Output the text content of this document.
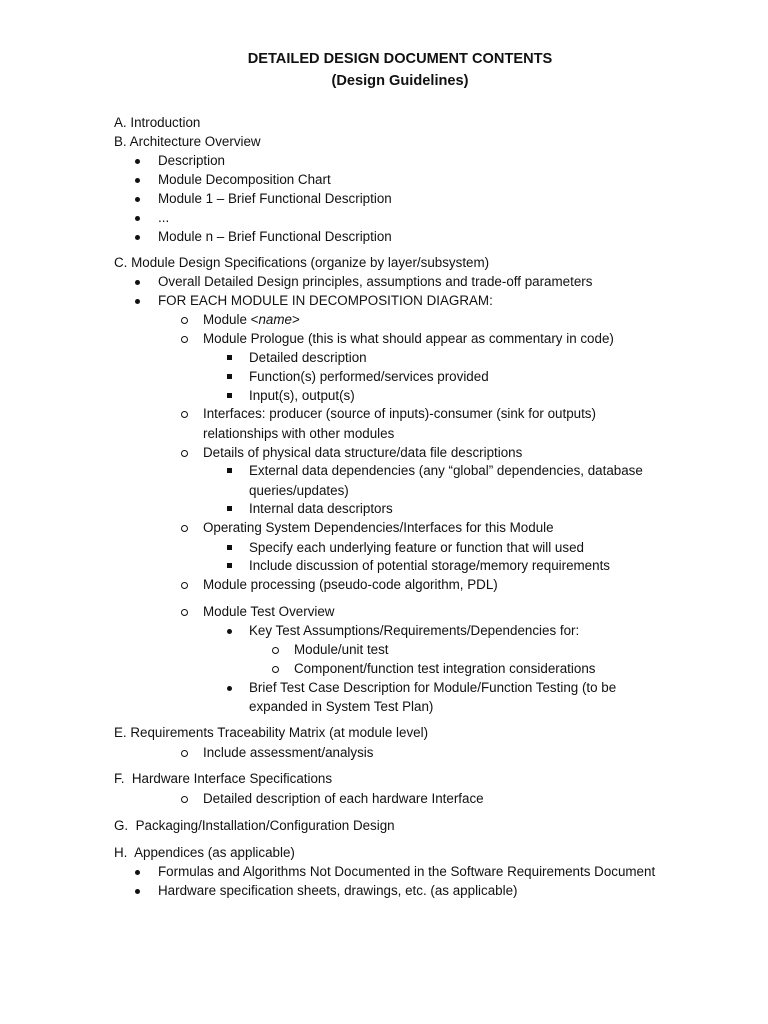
DETAILED DESIGN DOCUMENT CONTENTS
(Design Guidelines)
A. Introduction
B. Architecture Overview
Description
Module Decomposition Chart
Module 1 – Brief Functional Description
...
Module n – Brief Functional Description
C. Module Design Specifications (organize by layer/subsystem)
Overall Detailed Design principles, assumptions and trade-off parameters
FOR EACH MODULE IN DECOMPOSITION DIAGRAM:
Module <name>
Module Prologue (this is what should appear as commentary in code)
Detailed description
Function(s) performed/services provided
Input(s), output(s)
Interfaces: producer (source of inputs)-consumer (sink for outputs)
relationships with other modules
Details of physical data structure/data file descriptions
External data dependencies (any “global” dependencies, database
queries/updates)
Internal data descriptors
Operating System Dependencies/Interfaces for this Module
Specify each underlying feature or function that will used
Include discussion of potential storage/memory requirements
Module processing (pseudo-code algorithm, PDL)
Module Test Overview
Key Test Assumptions/Requirements/Dependencies for:
Module/unit test
Component/function test integration considerations
Brief Test Case Description for Module/Function Testing (to be
expanded in System Test Plan)
E. Requirements Traceability Matrix (at module level)
Include assessment/analysis
F.  Hardware Interface Specifications
Detailed description of each hardware Interface
G.  Packaging/Installation/Configuration Design
H.  Appendices (as applicable)
Formulas and Algorithms Not Documented in the Software Requirements Document
Hardware specification sheets, drawings, etc. (as applicable)
